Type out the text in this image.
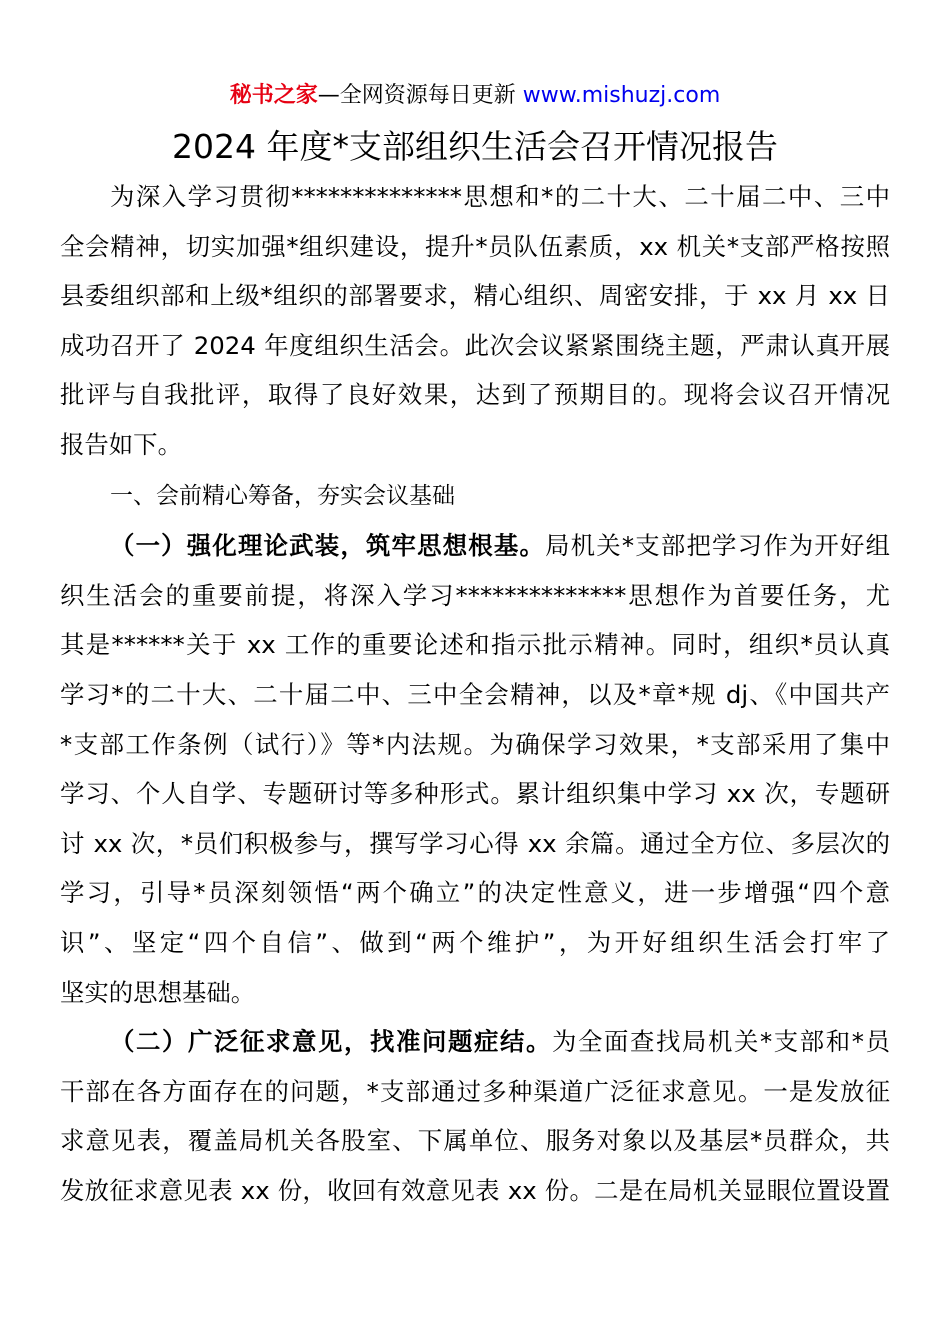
秘书之家—全网资源每日更新 www.mishuzj.com
2024 年度*支部组织生活会召开情况报告
为深入学习贯彻**************思想和*的二十大、二十届二中、三中
全会精神，切实加强*组织建设，提升*员队伍素质，xx 机关*支部严格按照
县委组织部和上级*组织的部署要求，精心组织、周密安排，于 xx 月 xx 日
成功召开了 2024 年度组织生活会。此次会议紧紧围绕主题，严肃认真开展
批评与自我批评，取得了良好效果，达到了预期目的。现将会议召开情况
报告如下。
一、会前精心筹备，夯实会议基础
（一）强化理论武装，筑牢思想根基。局机关*支部把学习作为开好组
织生活会的重要前提，将深入学习**************思想作为首要任务，尤
其是******关于 xx 工作的重要论述和指示批示精神。同时，组织*员认真
学习*的二十大、二十届二中、三中全会精神，以及*章*规 dj、《中国共产
*支部工作条例（试行）》等*内法规。为确保学习效果，*支部采用了集中
学习、个人自学、专题研讨等多种形式。累计组织集中学习 xx 次，专题研
讨 xx 次，*员们积极参与，撰写学习心得 xx 余篇。通过全方位、多层次的
学习，引导*员深刻领悟“两个确立”的决定性意义，进一步增强“四个意
识”、坚定“四个自信”、做到“两个维护”，为开好组织生活会打牢了
坚实的思想基础。
（二）广泛征求意见，找准问题症结。为全面查找局机关*支部和*员
干部在各方面存在的问题，*支部通过多种渠道广泛征求意见。一是发放征
求意见表，覆盖局机关各股室、下属单位、服务对象以及基层*员群众，共
发放征求意见表 xx 份，收回有效意见表 xx 份。二是在局机关显眼位置设置
